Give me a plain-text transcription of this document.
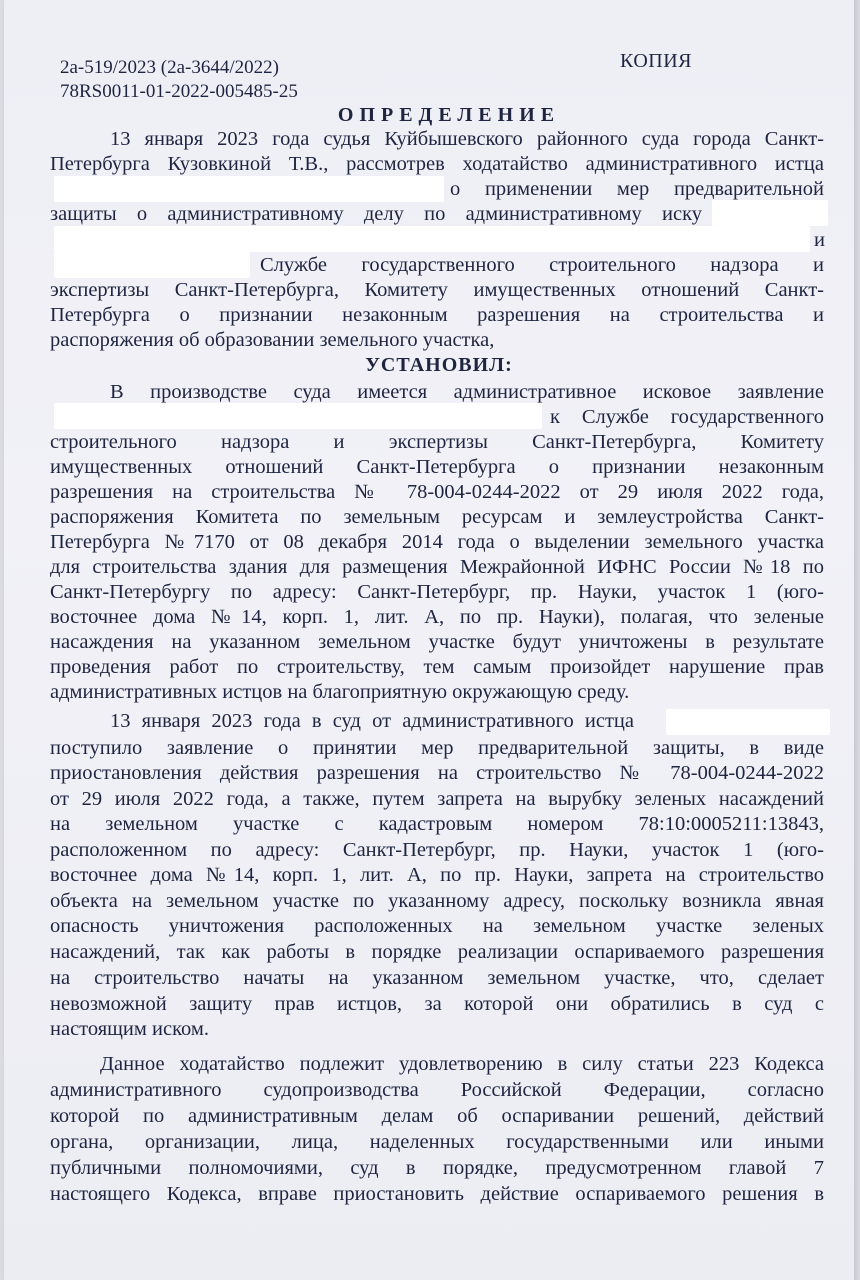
2а-519/2023 (2а-3644/2022)
78RS0011-01-2022-005485-25
КОПИЯ
ОПРЕДЕЛЕНИЕ
13 января 2023 года судья Куйбышевского районного суда города Санкт-
Петербурга Кузовкиной Т.В., рассмотрев ходатайство административного истца
о применении мер предварительной
защиты о административному делу по административному иску
и
Службе государственного строительного надзора и
экспертизы Санкт-Петербурга, Комитету имущественных отношений Санкт-
Петербурга о признании незаконным разрешения на строительства и
распоряжения об образовании земельного участка,
УСТАНОВИЛ:
В производстве суда имеется административное исковое заявление
к Службе государственного
строительного надзора и экспертизы Санкт-Петербурга, Комитету
имущественных отношений Санкт-Петербурга о признании незаконным
разрешения на строительства № 78-004-0244-2022 от 29 июля 2022 года,
распоряжения Комитета по земельным ресурсам и землеустройства Санкт-
Петербурга №7170 от 08 декабря 2014 года о выделении земельного участка
для строительства здания для размещения Межрайонной ИФНС России №18 по
Санкт-Петербургу по адресу: Санкт-Петербург, пр. Науки, участок 1 (юго-
восточнее дома №14, корп. 1, лит. А, по пр. Науки), полагая, что зеленые
насаждения на указанном земельном участке будут уничтожены в результате
проведения работ по строительству, тем самым произойдет нарушение прав
административных истцов на благоприятную окружающую среду.
13 января 2023 года в суд от административного истца
поступило заявление о принятии мер предварительной защиты, в виде
приостановления действия разрешения на строительство № 78-004-0244-2022
от 29 июля 2022 года, а также, путем запрета на вырубку зеленых насаждений
на земельном участке с кадастровым номером 78:10:0005211:13843,
расположенном по адресу: Санкт-Петербург, пр. Науки, участок 1 (юго-
восточнее дома №14, корп. 1, лит. А, по пр. Науки, запрета на строительство
объекта на земельном участке по указанному адресу, поскольку возникла явная
опасность уничтожения расположенных на земельном участке зеленых
насаждений, так как работы в порядке реализации оспариваемого разрешения
на строительство начаты на указанном земельном участке, что, сделает
невозможной защиту прав истцов, за которой они обратились в суд с
настоящим иском.
Данное ходатайство подлежит удовлетворению в силу статьи 223 Кодекса
административного судопроизводства Российской Федерации, согласно
которой по административным делам об оспаривании решений, действий
органа, организации, лица, наделенных государственными или иными
публичными полномочиями, суд в порядке, предусмотренном главой 7
настоящего Кодекса, вправе приостановить действие оспариваемого решения в
